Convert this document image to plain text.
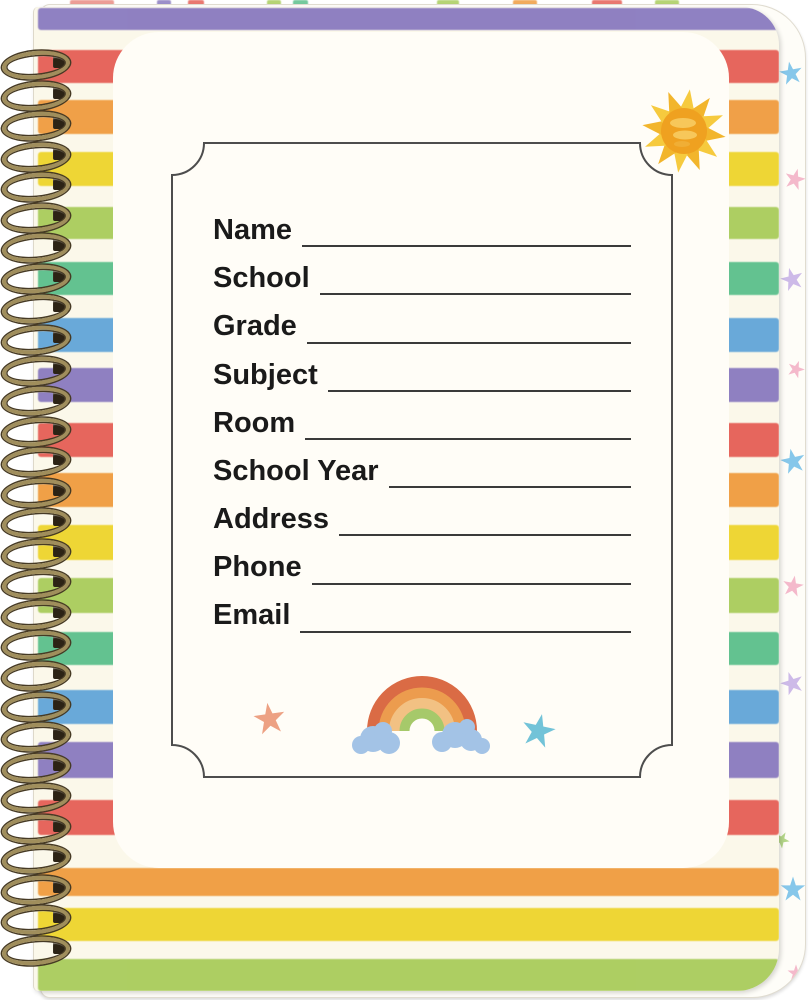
Name
School
Grade
Subject
Room
School Year
Address
Phone
Email
